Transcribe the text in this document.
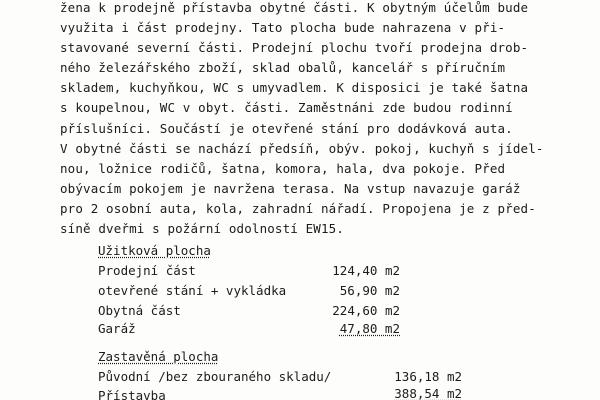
žena k prodejně přístavba obytné části. K obytným účelům bude
využita i část prodejny. Tato plocha bude nahrazena v při-
stavované severní části. Prodejní plochu tvoří prodejna drob-
ného železářského zboží, sklad obalů, kancelář s příručním
skladem, kuchyňkou, WC s umyvadlem. K disposici je také šatna
s koupelnou, WC v obyt. části. Zaměstnáni zde budou rodinní
příslušníci. Součástí je otevřené stání pro dodávková auta.
V obytné části se nachází předsíň, obýv. pokoj, kuchyň s jídel-
nou, ložnice rodičů, šatna, komora, hala, dva pokoje. Před
obývacím pokojem je navržena terasa. Na vstup navazuje garáž
pro 2 osobní auta, kola, zahradní nářadí. Propojena je z před-
síně dveřmi s požární odolností EW15.
Užitková plocha
Prodejní část	124,40 m2
otevřené stání + vykládka	56,90 m2
Obytná část	224,60 m2
Garáž	47,80 m2
Zastavěná plocha
Původní /bez zbouraného skladu/	136,18 m2
Přístavba	388,54 m2
